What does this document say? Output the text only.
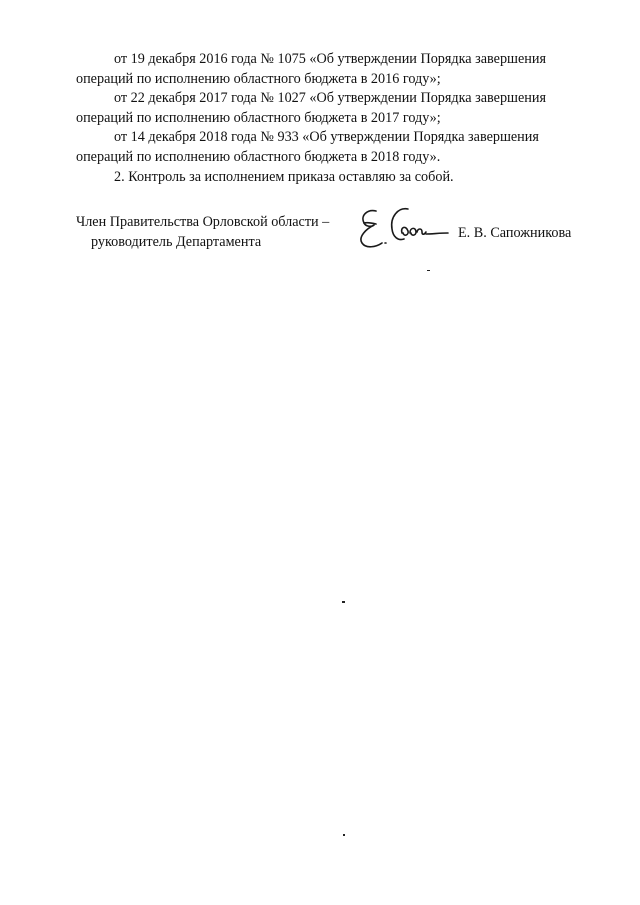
от 19 декабря 2016 года № 1075 «Об утверждении Порядка завершения
операций по исполнению областного бюджета в 2016 году»;

от 22 декабря 2017 года № 1027 «Об утверждении Порядка завершения
операций по исполнению областного бюджета в 2017 году»;

от 14 декабря 2018 года № 933 «Об утверждении Порядка завершения
операций по исполнению областного бюджета в 2018 году».

2. Контроль за исполнением приказа оставляю за собой.

Член Правительства Орловской области –
руководитель Департамента
Е. В. Сапожникова
